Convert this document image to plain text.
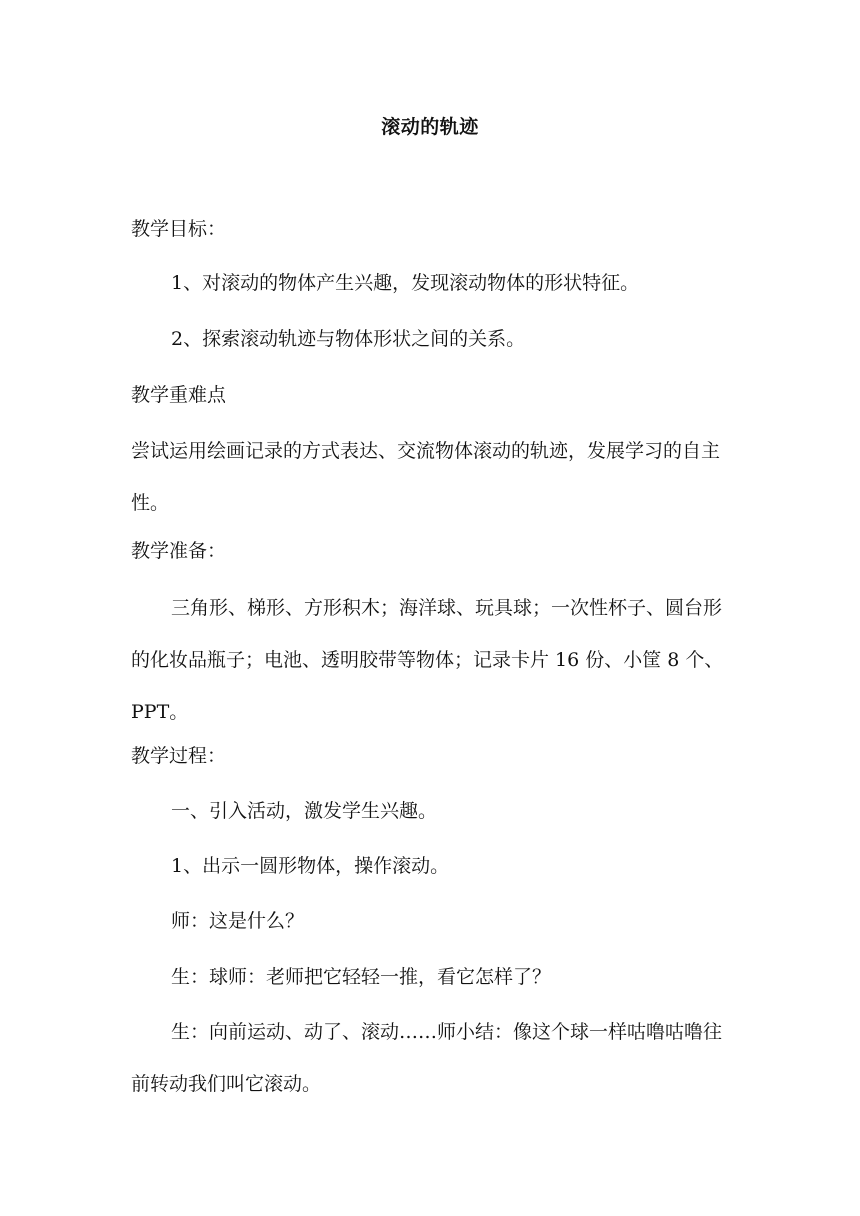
滚动的轨迹
教学目标：
1、对滚动的物体产生兴趣，发现滚动物体的形状特征。
2、探索滚动轨迹与物体形状之间的关系。
教学重难点
尝试运用绘画记录的方式表达、交流物体滚动的轨迹，发展学习的自主性。
教学准备：
三角形、梯形、方形积木；海洋球、玩具球；一次性杯子、圆台形的化妆品瓶子；电池、透明胶带等物体；记录卡片 16 份、小筐 8 个、PPT。
教学过程：
一、引入活动，激发学生兴趣。
1、出示一圆形物体，操作滚动。
师：这是什么？
生：球师：老师把它轻轻一推，看它怎样了？
生：向前运动、动了、滚动……师小结：像这个球一样咕噜咕噜往前转动我们叫它滚动。
